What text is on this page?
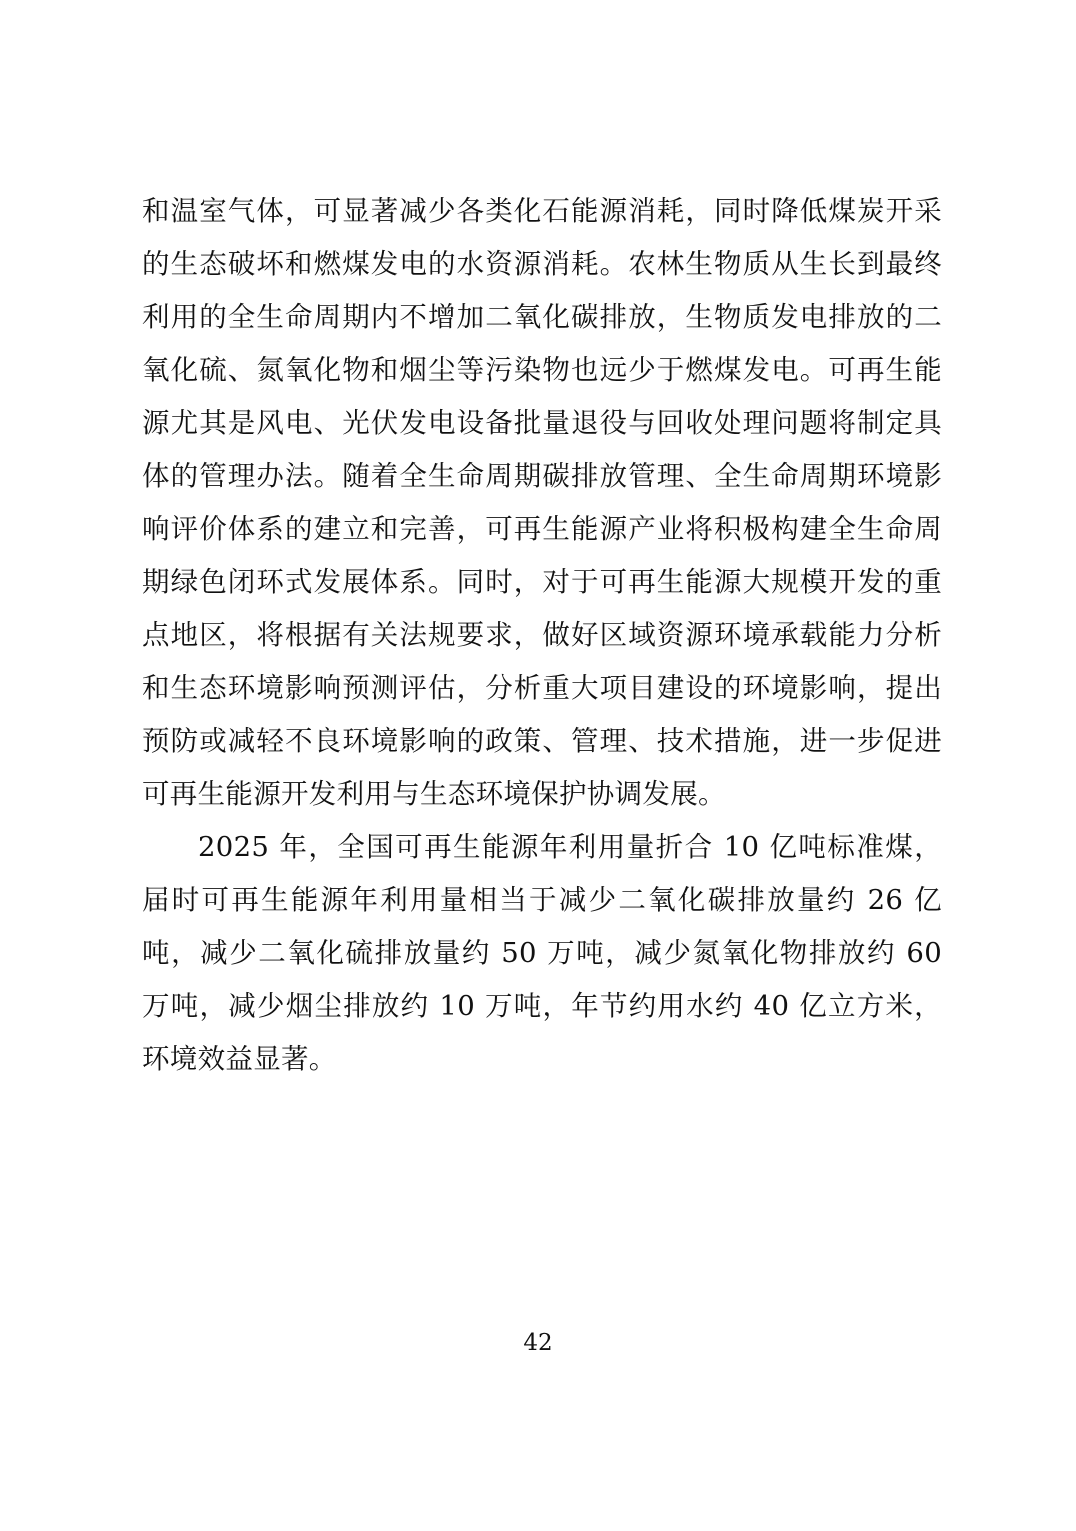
和温室气体，可显著减少各类化石能源消耗，同时降低煤炭开采的生态破坏和燃煤发电的水资源消耗。农林生物质从生长到最终利用的全生命周期内不增加二氧化碳排放，生物质发电排放的二氧化硫、氮氧化物和烟尘等污染物也远少于燃煤发电。可再生能源尤其是风电、光伏发电设备批量退役与回收处理问题将制定具体的管理办法。随着全生命周期碳排放管理、全生命周期环境影响评价体系的建立和完善，可再生能源产业将积极构建全生命周期绿色闭环式发展体系。同时，对于可再生能源大规模开发的重点地区，将根据有关法规要求，做好区域资源环境承载能力分析和生态环境影响预测评估，分析重大项目建设的环境影响，提出预防或减轻不良环境影响的政策、管理、技术措施，进一步促进可再生能源开发利用与生态环境保护协调发展。

2025 年，全国可再生能源年利用量折合 10 亿吨标准煤，届时可再生能源年利用量相当于减少二氧化碳排放量约 26 亿吨，减少二氧化硫排放量约 50 万吨，减少氮氧化物排放约 60 万吨，减少烟尘排放约 10 万吨，年节约用水约 40 亿立方米，环境效益显著。

42
